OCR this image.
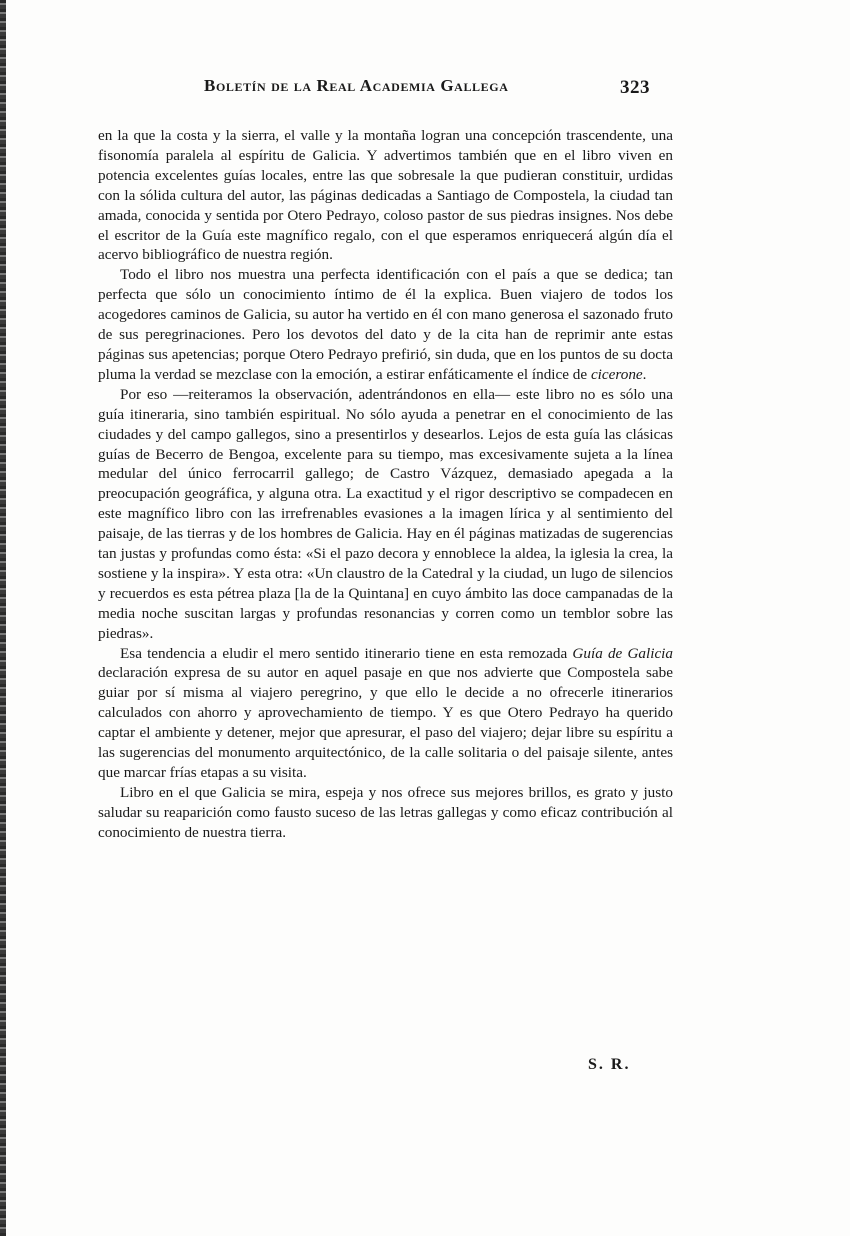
Boletín de la Real Academia Gallega	323

en la que la costa y la sierra, el valle y la montaña logran una concepción trascendente, una fisonomía paralela al espíritu de Galicia. Y advertimos también que en el libro viven en potencia excelentes guías locales, entre las que sobresale la que pudieran constituir, urdidas con la sólida cultura del autor, las páginas dedicadas a Santiago de Compostela, la ciudad tan amada, conocida y sentida por Otero Pedrayo, coloso pastor de sus piedras insignes. Nos debe el escritor de la Guía este magnífico regalo, con el que esperamos enriquecerá algún día el acervo bibliográfico de nuestra región.

Todo el libro nos muestra una perfecta identificación con el país a que se dedica; tan perfecta que sólo un conocimiento íntimo de él la explica. Buen viajero de todos los acogedores caminos de Galicia, su autor ha vertido en él con mano generosa el sazonado fruto de sus peregrinaciones. Pero los devotos del dato y de la cita han de reprimir ante estas páginas sus apetencias; porque Otero Pedrayo prefirió, sin duda, que en los puntos de su docta pluma la verdad se mezclase con la emoción, a estirar enfáticamente el índice de cicerone.

Por eso —reiteramos la observación, adentrándonos en ella— este libro no es sólo una guía itineraria, sino también espiritual. No sólo ayuda a penetrar en el conocimiento de las ciudades y del campo gallegos, sino a presentirlos y desearlos. Lejos de esta guía las clásicas guías de Becerro de Bengoa, excelente para su tiempo, mas excesivamente sujeta a la línea medular del único ferrocarril gallego; de Castro Vázquez, demasiado apegada a la preocupación geográfica, y alguna otra. La exactitud y el rigor descriptivo se compadecen en este magnífico libro con las irrefrenables evasiones a la imagen lírica y al sentimiento del paisaje, de las tierras y de los hombres de Galicia. Hay en él páginas matizadas de sugerencias tan justas y profundas como ésta: «Si el pazo decora y ennoblece la aldea, la iglesia la crea, la sostiene y la inspira». Y esta otra: «Un claustro de la Catedral y la ciudad, un lugo de silencios y recuerdos es esta pétrea plaza [la de la Quintana] en cuyo ámbito las doce campanadas de la media noche suscitan largas y profundas resonancias y corren como un temblor sobre las piedras».

Esa tendencia a eludir el mero sentido itinerario tiene en esta remozada Guía de Galicia declaración expresa de su autor en aquel pasaje en que nos advierte que Compostela sabe guiar por sí misma al viajero peregrino, y que ello le decide a no ofrecerle itinerarios calculados con ahorro y aprovechamiento de tiempo. Y es que Otero Pedrayo ha querido captar el ambiente y detener, mejor que apresurar, el paso del viajero; dejar libre su espíritu a las sugerencias del monumento arquitectónico, de la calle solitaria o del paisaje silente, antes que marcar frías etapas a su visita.

Libro en el que Galicia se mira, espeja y nos ofrece sus mejores brillos, es grato y justo saludar su reaparición como fausto suceso de las letras gallegas y como eficaz contribución al conocimiento de nuestra tierra.

S. R.
